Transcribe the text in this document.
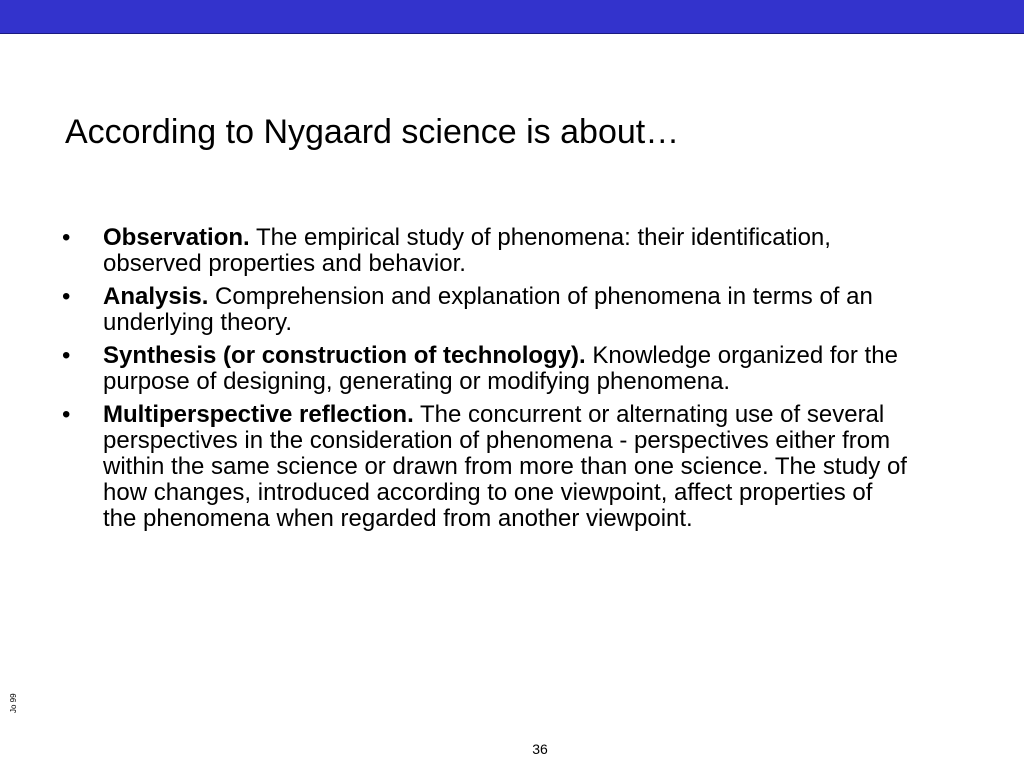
According to Nygaard science is about…
• Observation. The empirical study of phenomena: their identification, observed properties and behavior.
• Analysis. Comprehension and explanation of phenomena in terms of an underlying theory.
• Synthesis (or construction of technology). Knowledge organized for the purpose of designing, generating or modifying phenomena.
• Multiperspective reflection. The concurrent or alternating use of several perspectives in the consideration of phenomena - perspectives either from within the same science or drawn from more than one science. The study of how changes, introduced according to one viewpoint, affect properties of the phenomena when regarded from another viewpoint.
Jo 99
36
